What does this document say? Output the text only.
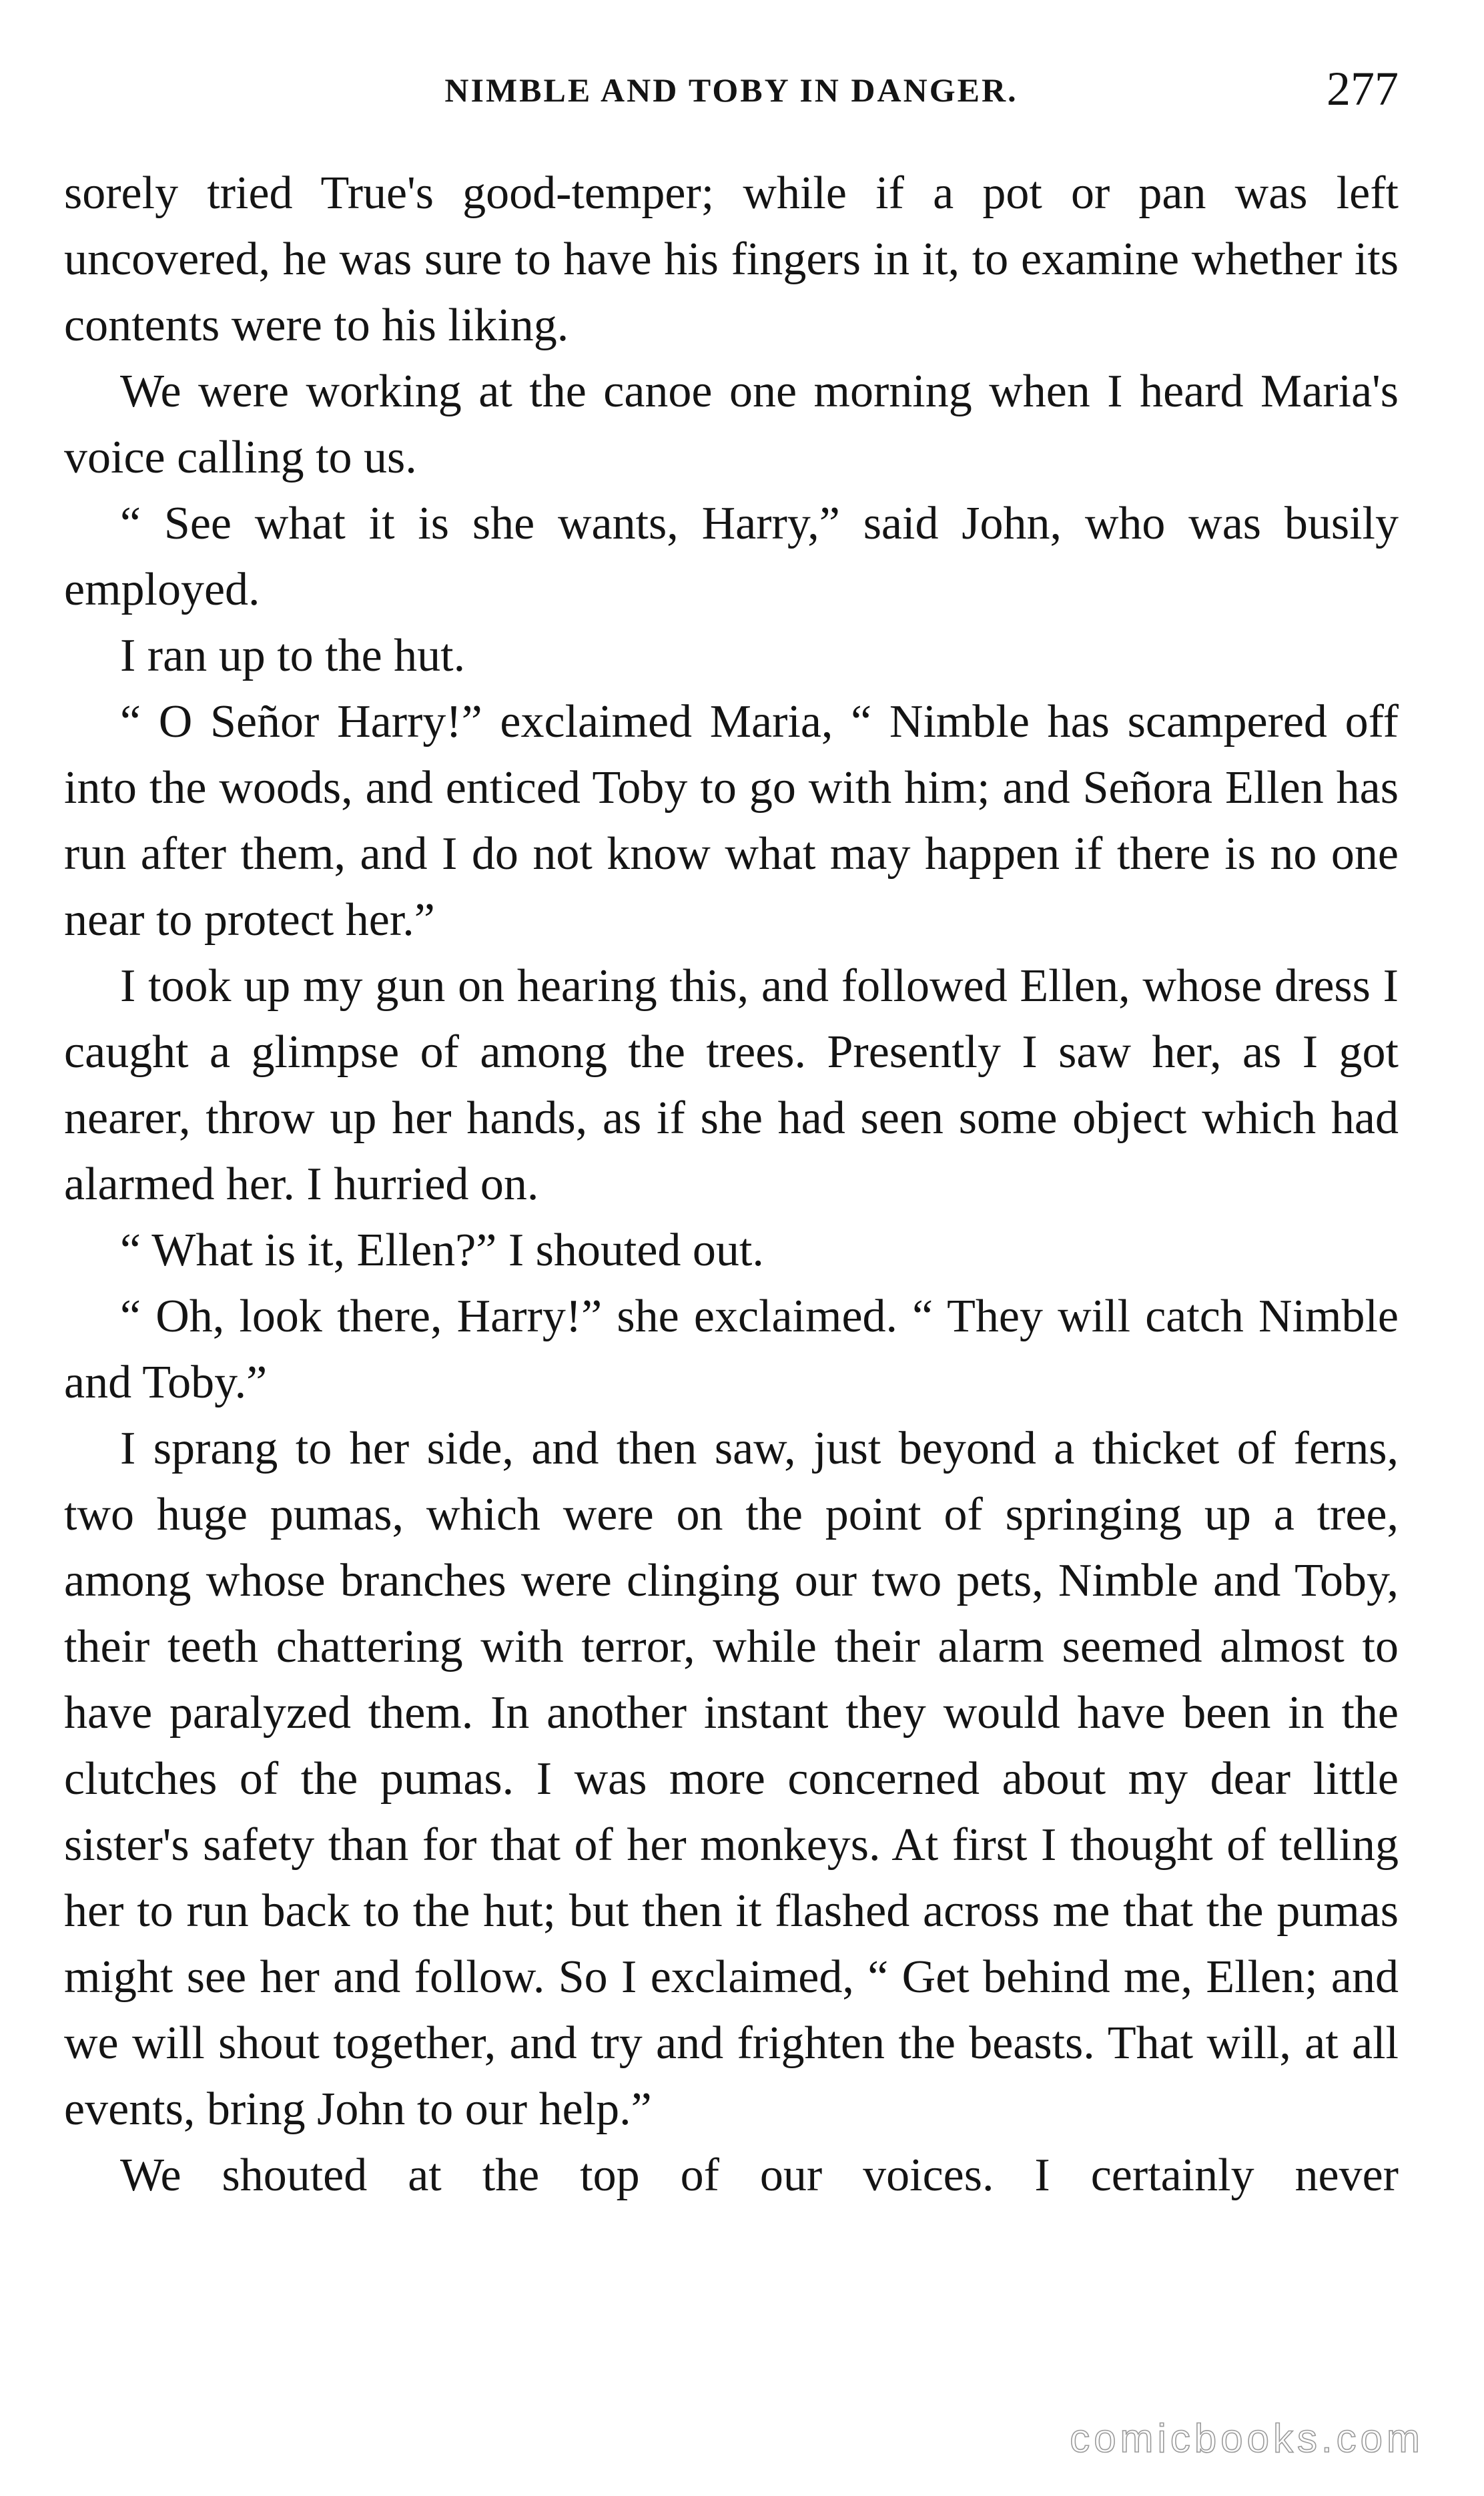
NIMBLE AND TOBY IN DANGER.	277

sorely tried True's good-temper; while if a pot or pan was left uncovered, he was sure to have his fingers in it, to examine whether its contents were to his liking.

We were working at the canoe one morning when I heard Maria's voice calling to us.

“ See what it is she wants, Harry,” said John, who was busily employed.

I ran up to the hut.

“ O Señor Harry!” exclaimed Maria, “ Nimble has scampered off into the woods, and enticed Toby to go with him; and Señora Ellen has run after them, and I do not know what may happen if there is no one near to protect her.”

I took up my gun on hearing this, and followed Ellen, whose dress I caught a glimpse of among the trees. Presently I saw her, as I got nearer, throw up her hands, as if she had seen some object which had alarmed her. I hurried on.

“ What is it, Ellen?” I shouted out.

“ Oh, look there, Harry!” she exclaimed. “ They will catch Nimble and Toby.”

I sprang to her side, and then saw, just beyond a thicket of ferns, two huge pumas, which were on the point of springing up a tree, among whose branches were clinging our two pets, Nimble and Toby, their teeth chattering with terror, while their alarm seemed almost to have paralyzed them. In another instant they would have been in the clutches of the pumas. I was more concerned about my dear little sister's safety than for that of her monkeys. At first I thought of telling her to run back to the hut; but then it flashed across me that the pumas might see her and follow. So I exclaimed, “ Get behind me, Ellen; and we will shout together, and try and frighten the beasts. That will, at all events, bring John to our help.”

We shouted at the top of our voices. I certainly never

comicbooks.com
